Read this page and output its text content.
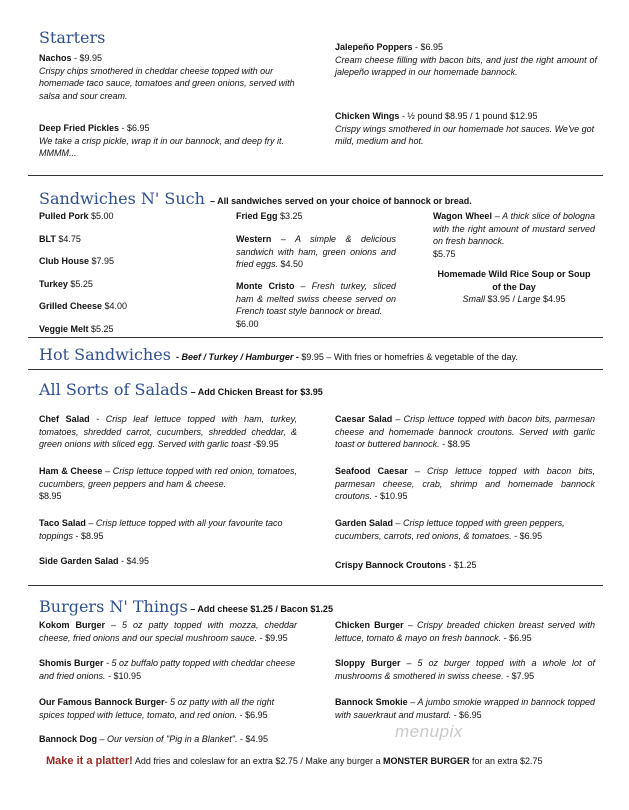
Starters
Nachos - $9.95
Crispy chips smothered in cheddar cheese topped with our homemade taco sauce, tomatoes and green onions, served with salsa and sour cream.
Deep Fried Pickles - $6.95
We take a crisp pickle, wrap it in our bannock, and deep fry it. MMMM...
Jalepeño Poppers - $6.95
Cream cheese filling with bacon bits, and just the right amount of jalepeño wrapped in our homemade bannock.
Chicken Wings - ½ pound $8.95 / 1 pound $12.95
Crispy wings smothered in our homemade hot sauces. We've got mild, medium and hot.
Sandwiches N' Such – All sandwiches served on your choice of bannock or bread.
Pulled Pork $5.00
BLT $4.75
Club House $7.95
Turkey $5.25
Grilled Cheese $4.00
Veggie Melt $5.25
Fried Egg $3.25
Western – A simple & delicious sandwich with ham, green onions and fried eggs. $4.50
Monte Cristo – Fresh turkey, sliced ham & melted swiss cheese served on French toast style bannock or bread.
$6.00
Wagon Wheel – A thick slice of bologna with the right amount of mustard served on fresh bannock.
$5.75
Homemade Wild Rice Soup or Soup of the Day
Small $3.95 / Large $4.95
Hot Sandwiches - Beef / Turkey / Hamburger - $9.95 – With fries or homefries & vegetable of the day.
All Sorts of Salads – Add Chicken Breast for $3.95
Chef Salad - Crisp leaf lettuce topped with ham, turkey, tomatoes, shredded carrot, cucumbers, shredded cheddar, & green onions with sliced egg. Served with garlic toast -$9.95
Ham & Cheese – Crisp lettuce topped with red onion, tomatoes, cucumbers, green peppers and ham & cheese.
$8.95
Taco Salad – Crisp lettuce topped with all your favourite taco toppings - $8.95
Side Garden Salad - $4.95
Caesar Salad – Crisp lettuce topped with bacon bits, parmesan cheese and homemade bannock croutons. Served with garlic toast or buttered bannock. - $8.95
Seafood Caesar – Crisp lettuce topped with bacon bits, parmesan cheese, crab, shrimp and homemade bannock croutons. - $10.95
Garden Salad – Crisp lettuce topped with green peppers, cucumbers, carrots, red onions, & tomatoes. - $6.95
Crispy Bannock Croutons - $1.25
Burgers N' Things – Add cheese $1.25 / Bacon $1.25
Kokom Burger – 5 oz patty topped with mozza, cheddar cheese, fried onions and our special mushroom sauce. - $9.95
Shomis Burger - 5 oz buffalo patty topped with cheddar cheese and fried onions. - $10.95
Our Famous Bannock Burger- 5 oz patty with all the right spices topped with lettuce, tomato, and red onion. - $6.95
Bannock Dog – Our version of "Pig in a Blanket". - $4.95
Chicken Burger – Crispy breaded chicken breast served with lettuce, tomato & mayo on fresh bannock. - $6.95
Sloppy Burger – 5 oz burger topped with a whole lot of mushrooms & smothered in swiss cheese. - $7.95
Bannock Smokie – A jumbo smokie wrapped in bannock topped with sauerkraut and mustard. - $6.95
menupix
Make it a platter! Add fries and coleslaw for an extra $2.75 / Make any burger a MONSTER BURGER for an extra $2.75
